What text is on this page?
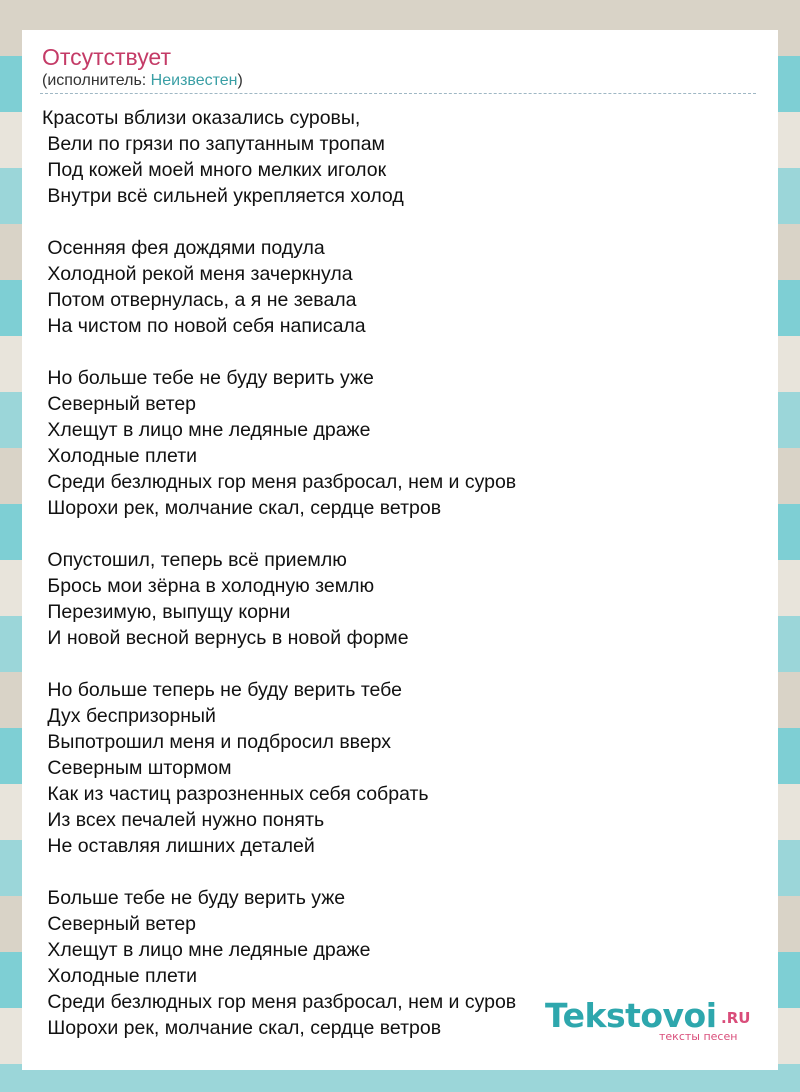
Отсутствует
(исполнитель: Неизвестен)
Красоты вблизи оказались суровы,
Вели по грязи по запутанным тропам
Под кожей моей много мелких иголок
Внутри всё сильней укрепляется холод
Осенняя фея дождями подула
Холодной рекой меня зачеркнула
Потом отвернулась, а я не зевала
На чистом по новой себя написала
Но больше тебе не буду верить уже
Северный ветер
Хлещут в лицо мне ледяные драже
Холодные плети
Среди безлюдных гор меня разбросал, нем и суров
Шорохи рек, молчание скал, сердце ветров
Опустошил, теперь всё приемлю
Брось мои зёрна в холодную землю
Перезимую, выпущу корни
И новой весной вернусь в новой форме
Но больше теперь не буду верить тебе
Дух беспризорный
Выпотрошил меня и подбросил вверх
Северным штормом
Как из частиц разрозненных себя собрать
Из всех печалей нужно понять
Не оставляя лишних деталей
Больше тебе не буду верить уже
Северный ветер
Хлещут в лицо мне ледяные драже
Холодные плети
Среди безлюдных гор меня разбросал, нем и суров
Шорохи рек, молчание скал, сердце ветров	Tekstovoi .RU
тексты песен
